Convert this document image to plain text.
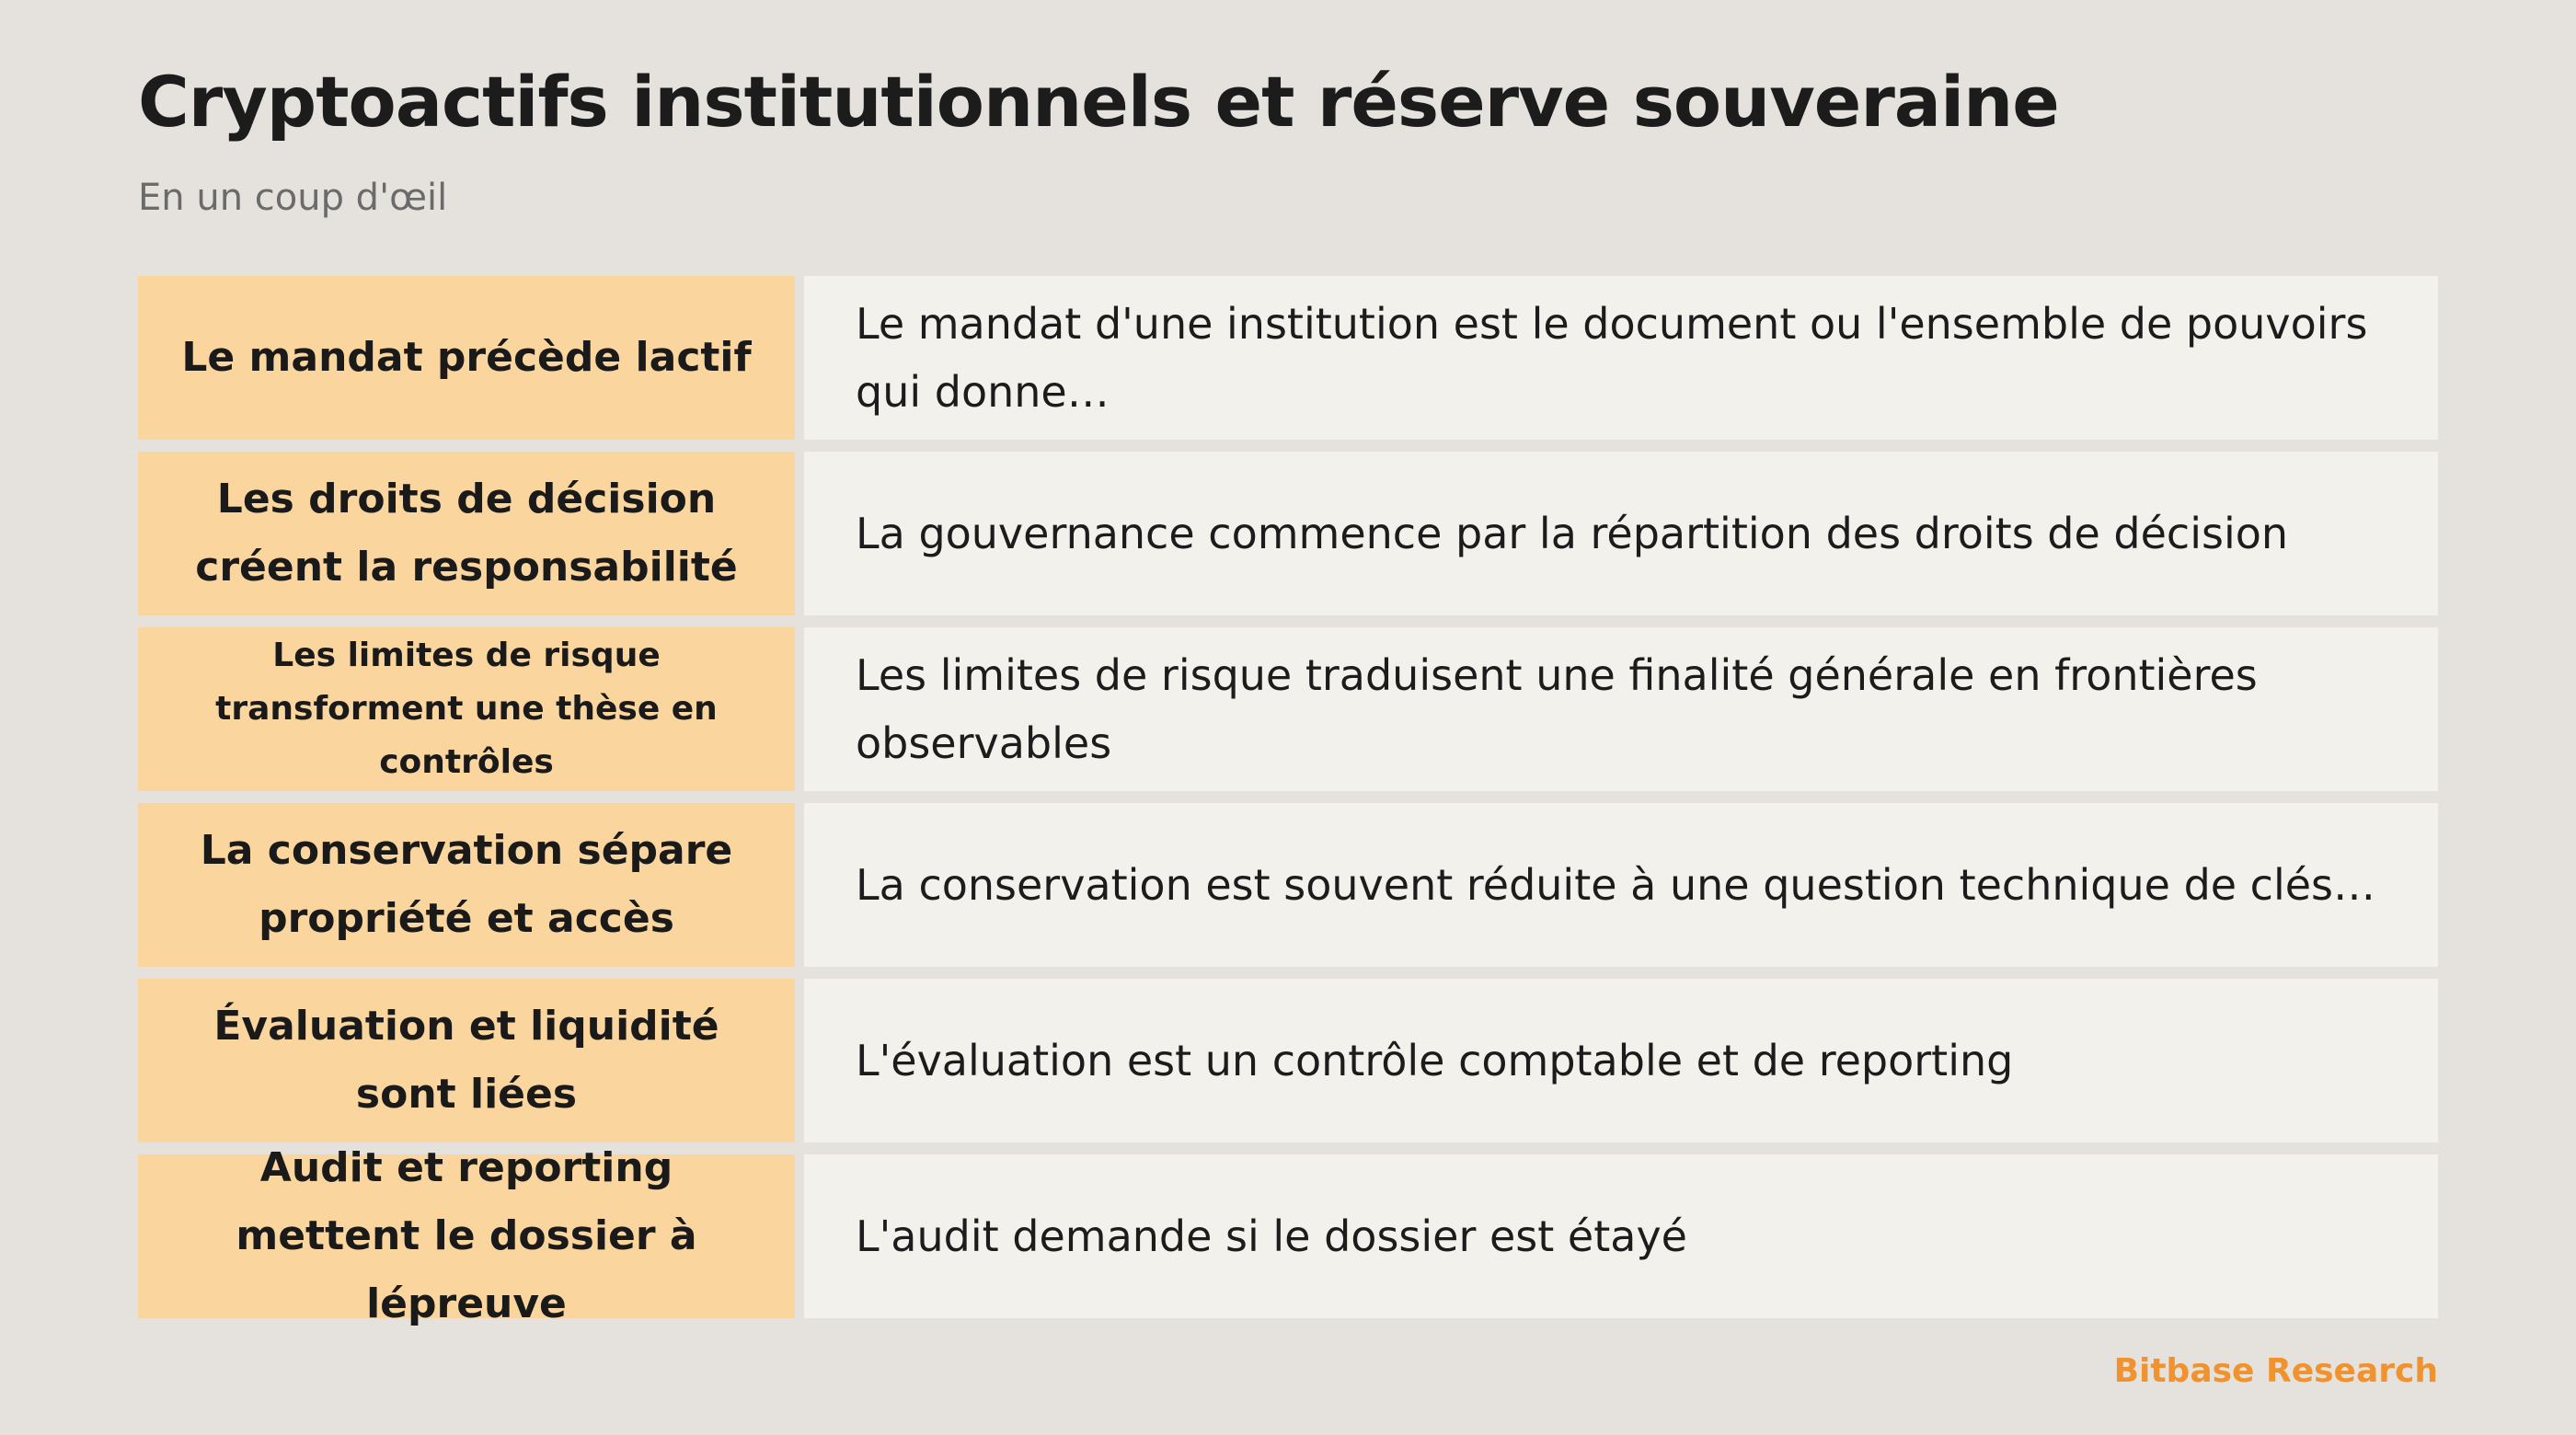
Cryptoactifs institutionnels et réserve souveraine

En un coup d'œil

Le mandat précède lactif
Le mandat d'une institution est le document ou l'ensemble de pouvoirs qui donne…
Les droits de décision créent la responsabilité
La gouvernance commence par la répartition des droits de décision
Les limites de risque transforment une thèse en contrôles
Les limites de risque traduisent une finalité générale en frontières observables
La conservation sépare propriété et accès
La conservation est souvent réduite à une question technique de clés…
Évaluation et liquidité sont liées
L'évaluation est un contrôle comptable et de reporting
Audit et reporting mettent le dossier à lépreuve
L'audit demande si le dossier est étayé

Bitbase Research
